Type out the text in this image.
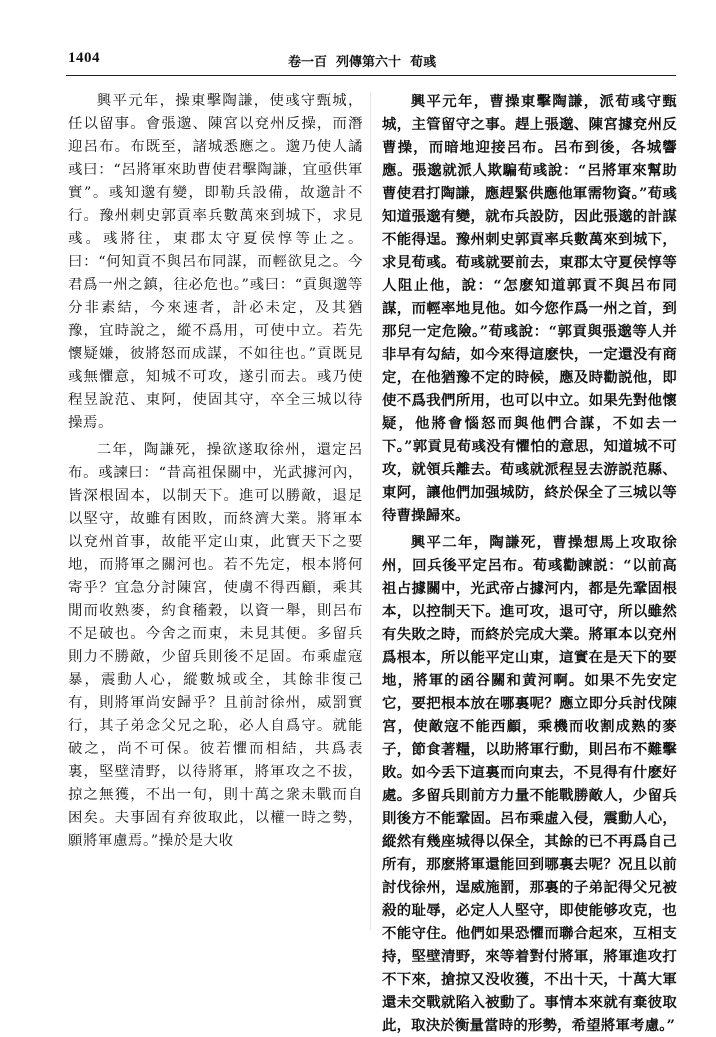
1404	卷一百  列傳第六十  荀彧

興平元年，操東擊陶謙，使彧守甄城，任以留事。會張邈、陳宮以兗州反操，而潛迎呂布。布既至，諸城悉應之。邈乃使人譎彧曰：“呂將軍來助曹使君擊陶謙，宜亟供軍實”。彧知邈有變，即勒兵設備，故邈計不行。豫州刺史郭貢率兵數萬來到城下，求見彧。彧將往，東郡太守夏侯惇等止之。曰：“何知貢不與呂布同謀，而輕欲見之。今君爲一州之鎮，往必危也。”彧曰：“貢與邈等分非素結，今來速者，計必未定，及其猶豫，宜時說之，縱不爲用，可使中立。若先懷疑嫌，彼將怒而成謀，不如往也。”貢既見彧無懼意，知城不可攻，遂引而去。彧乃使程昱說范、東阿，使固其守，卒全三城以待操焉。

二年，陶謙死，操欲遂取徐州，還定呂布。彧諫曰：“昔高祖保關中，光武據河內，皆深根固本，以制天下。進可以勝敵，退足以堅守，故雖有困敗，而終濟大業。將軍本以兗州首事，故能平定山東，此實天下之要地，而將軍之關河也。若不先定，根本將何寄乎？宜急分討陳宮，使虜不得西顧，乘其閒而收熟麥，約食稸穀，以資一舉，則呂布不足破也。今舍之而東，未見其便。多留兵則力不勝敵，少留兵則後不足固。布乘虛寇暴，震動人心，縱數城或全，其餘非復己有，則將軍尚安歸乎？且前討徐州，威罰實行，其子弟念父兄之恥，必人自爲守。就能破之，尚不可保。彼若懼而相結，共爲表裏，堅壁清野，以待將軍，將軍攻之不拔，掠之無獲，不出一旬，則十萬之衆未戰而自困矣。夫事固有弃彼取此，以權一時之勢，願將軍慮焉。”操於是大收

興平元年，曹操東擊陶謙，派荀彧守甄城，主管留守之事。趕上張邈、陳宮據兗州反曹操，而暗地迎接呂布。呂布到後，各城響應。張邈就派人欺騙荀彧說：“呂將軍來幫助曹使君打陶謙，應趕緊供應他軍需物資。”荀彧知道張邈有變，就布兵設防，因此張邈的計謀不能得逞。豫州刺史郭貢率兵數萬來到城下，求見荀彧。荀彧就要前去，東郡太守夏侯惇等人阻止他，說：“怎麽知道郭貢不與呂布同謀，而輕率地見他。如今您作爲一州之首，到那兒一定危險。”荀彧說：“郭貢與張邈等人并非早有勾結，如今來得這麽快，一定還没有商定，在他猶豫不定的時候，應及時勸説他，即使不爲我們所用，也可以中立。如果先對他懷疑，他將會惱怒而與他們合謀，不如去一下。”郭貢見荀彧没有懼怕的意思，知道城不可攻，就領兵離去。荀彧就派程昱去游説范縣、東阿，讓他們加强城防，終於保全了三城以等待曹操歸來。

興平二年，陶謙死，曹操想馬上攻取徐州，回兵後平定呂布。荀彧勸諫説：“以前高祖占據關中，光武帝占據河内，都是先鞏固根本，以控制天下。進可攻，退可守，所以雖然有失敗之時，而終於完成大業。將軍本以兗州爲根本，所以能平定山東，這實在是天下的要地，將軍的函谷關和黄河啊。如果不先安定它，要把根本放在哪裏呢？應立即分兵討伐陳宮，使敵寇不能西顧，乘機而收割成熟的麥子，節食著糧，以助將軍行動，則呂布不難擊敗。如今丢下這裏而向東去，不見得有什麽好處。多留兵則前方力量不能戰勝敵人，少留兵則後方不能鞏固。呂布乘虛入侵，震動人心，縱然有幾座城得以保全，其餘的已不再爲自己所有，那麽將軍還能回到哪裏去呢？况且以前討伐徐州，逞威施罰，那裏的子弟記得父兄被殺的耻辱，必定人人堅守，即使能够攻克，也不能守住。他們如果恐懼而聯合起來，互相支持，堅壁清野，來等着對付將軍，將軍進攻打不下來，搶掠又没收獲，不出十天，十萬大軍還未交戰就陷入被動了。事情本來就有棄彼取此，取決於衡量當時的形勢，希望將軍考慮。”
